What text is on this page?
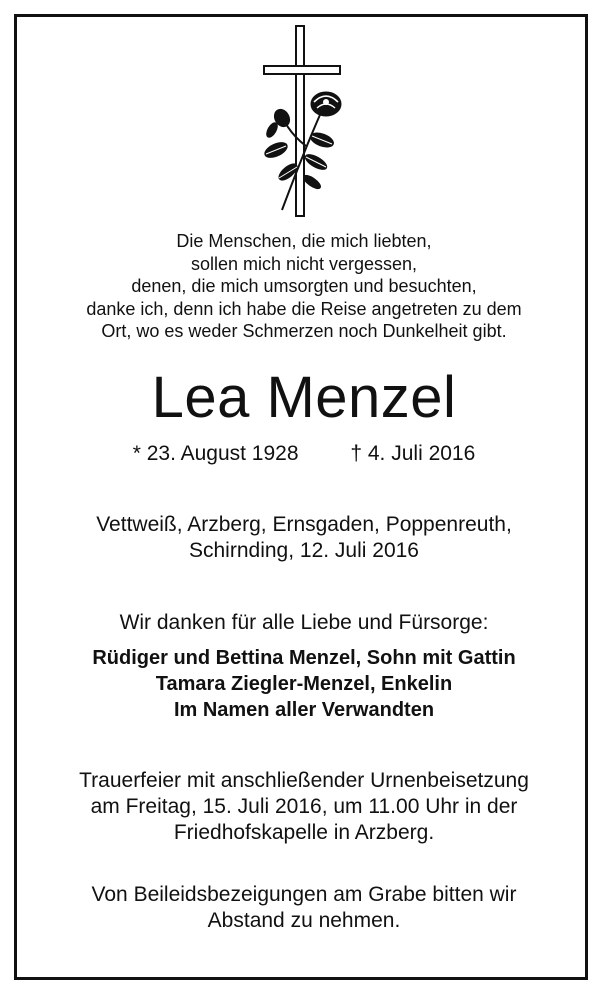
Die Menschen, die mich liebten,
sollen mich nicht vergessen,
denen, die mich umsorgten und besuchten,
danke ich, denn ich habe die Reise angetreten zu dem
Ort, wo es weder Schmerzen noch Dunkelheit gibt.
Lea Menzel
* 23. August 1928 † 4. Juli 2016
Vettweiß, Arzberg, Ernsgaden, Poppenreuth,
Schirnding, 12. Juli 2016
Wir danken für alle Liebe und Fürsorge:
Rüdiger und Bettina Menzel, Sohn mit Gattin
Tamara Ziegler-Menzel, Enkelin
Im Namen aller Verwandten
Trauerfeier mit anschließender Urnenbeisetzung
am Freitag, 15. Juli 2016, um 11.00 Uhr in der
Friedhofskapelle in Arzberg.
Von Beileidsbezeigungen am Grabe bitten wir
Abstand zu nehmen.
